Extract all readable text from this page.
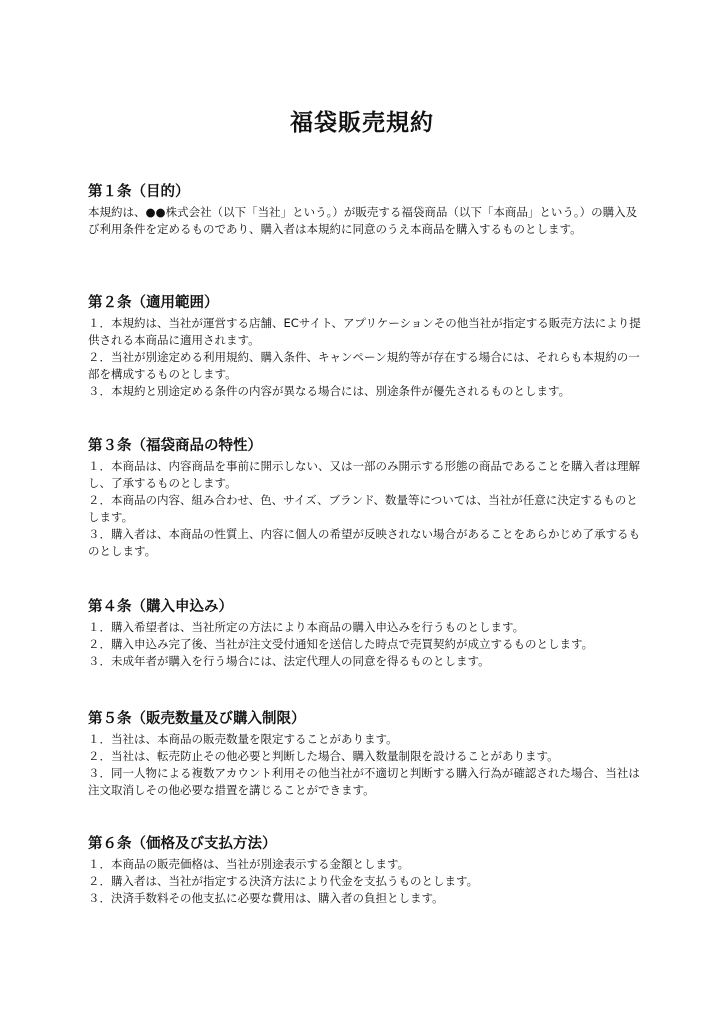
福袋販売規約
第１条（目的）

本規約は、●●株式会社（以下「当社」という。）が販売する福袋商品（以下「本商品」という。）の購入及び利用条件を定めるものであり、購入者は本規約に同意のうえ本商品を購入するものとします。

第２条（適用範囲）
１．本規約は、当社が運営する店舗、ECサイト、アプリケーションその他当社が指定する販売方法により提供される本商品に適用されます。
２．当社が別途定める利用規約、購入条件、キャンペーン規約等が存在する場合には、それらも本規約の一部を構成するものとします。
３．本規約と別途定める条件の内容が異なる場合には、別途条件が優先されるものとします。
第３条（福袋商品の特性）
１．本商品は、内容商品を事前に開示しない、又は一部のみ開示する形態の商品であることを購入者は理解し、了承するものとします。
２．本商品の内容、組み合わせ、色、サイズ、ブランド、数量等については、当社が任意に決定するものとします。
３．購入者は、本商品の性質上、内容に個人の希望が反映されない場合があることをあらかじめ了承するものとします。
第４条（購入申込み）
１．購入希望者は、当社所定の方法により本商品の購入申込みを行うものとします。
２．購入申込み完了後、当社が注文受付通知を送信した時点で売買契約が成立するものとします。
３．未成年者が購入を行う場合には、法定代理人の同意を得るものとします。
第５条（販売数量及び購入制限）
１．当社は、本商品の販売数量を限定することがあります。
２．当社は、転売防止その他必要と判断した場合、購入数量制限を設けることがあります。
３．同一人物による複数アカウント利用その他当社が不適切と判断する購入行為が確認された場合、当社は注文取消しその他必要な措置を講じることができます。
第６条（価格及び支払方法）
１．本商品の販売価格は、当社が別途表示する金額とします。
２．購入者は、当社が指定する決済方法により代金を支払うものとします。
３．決済手数料その他支払に必要な費用は、購入者の負担とします。
